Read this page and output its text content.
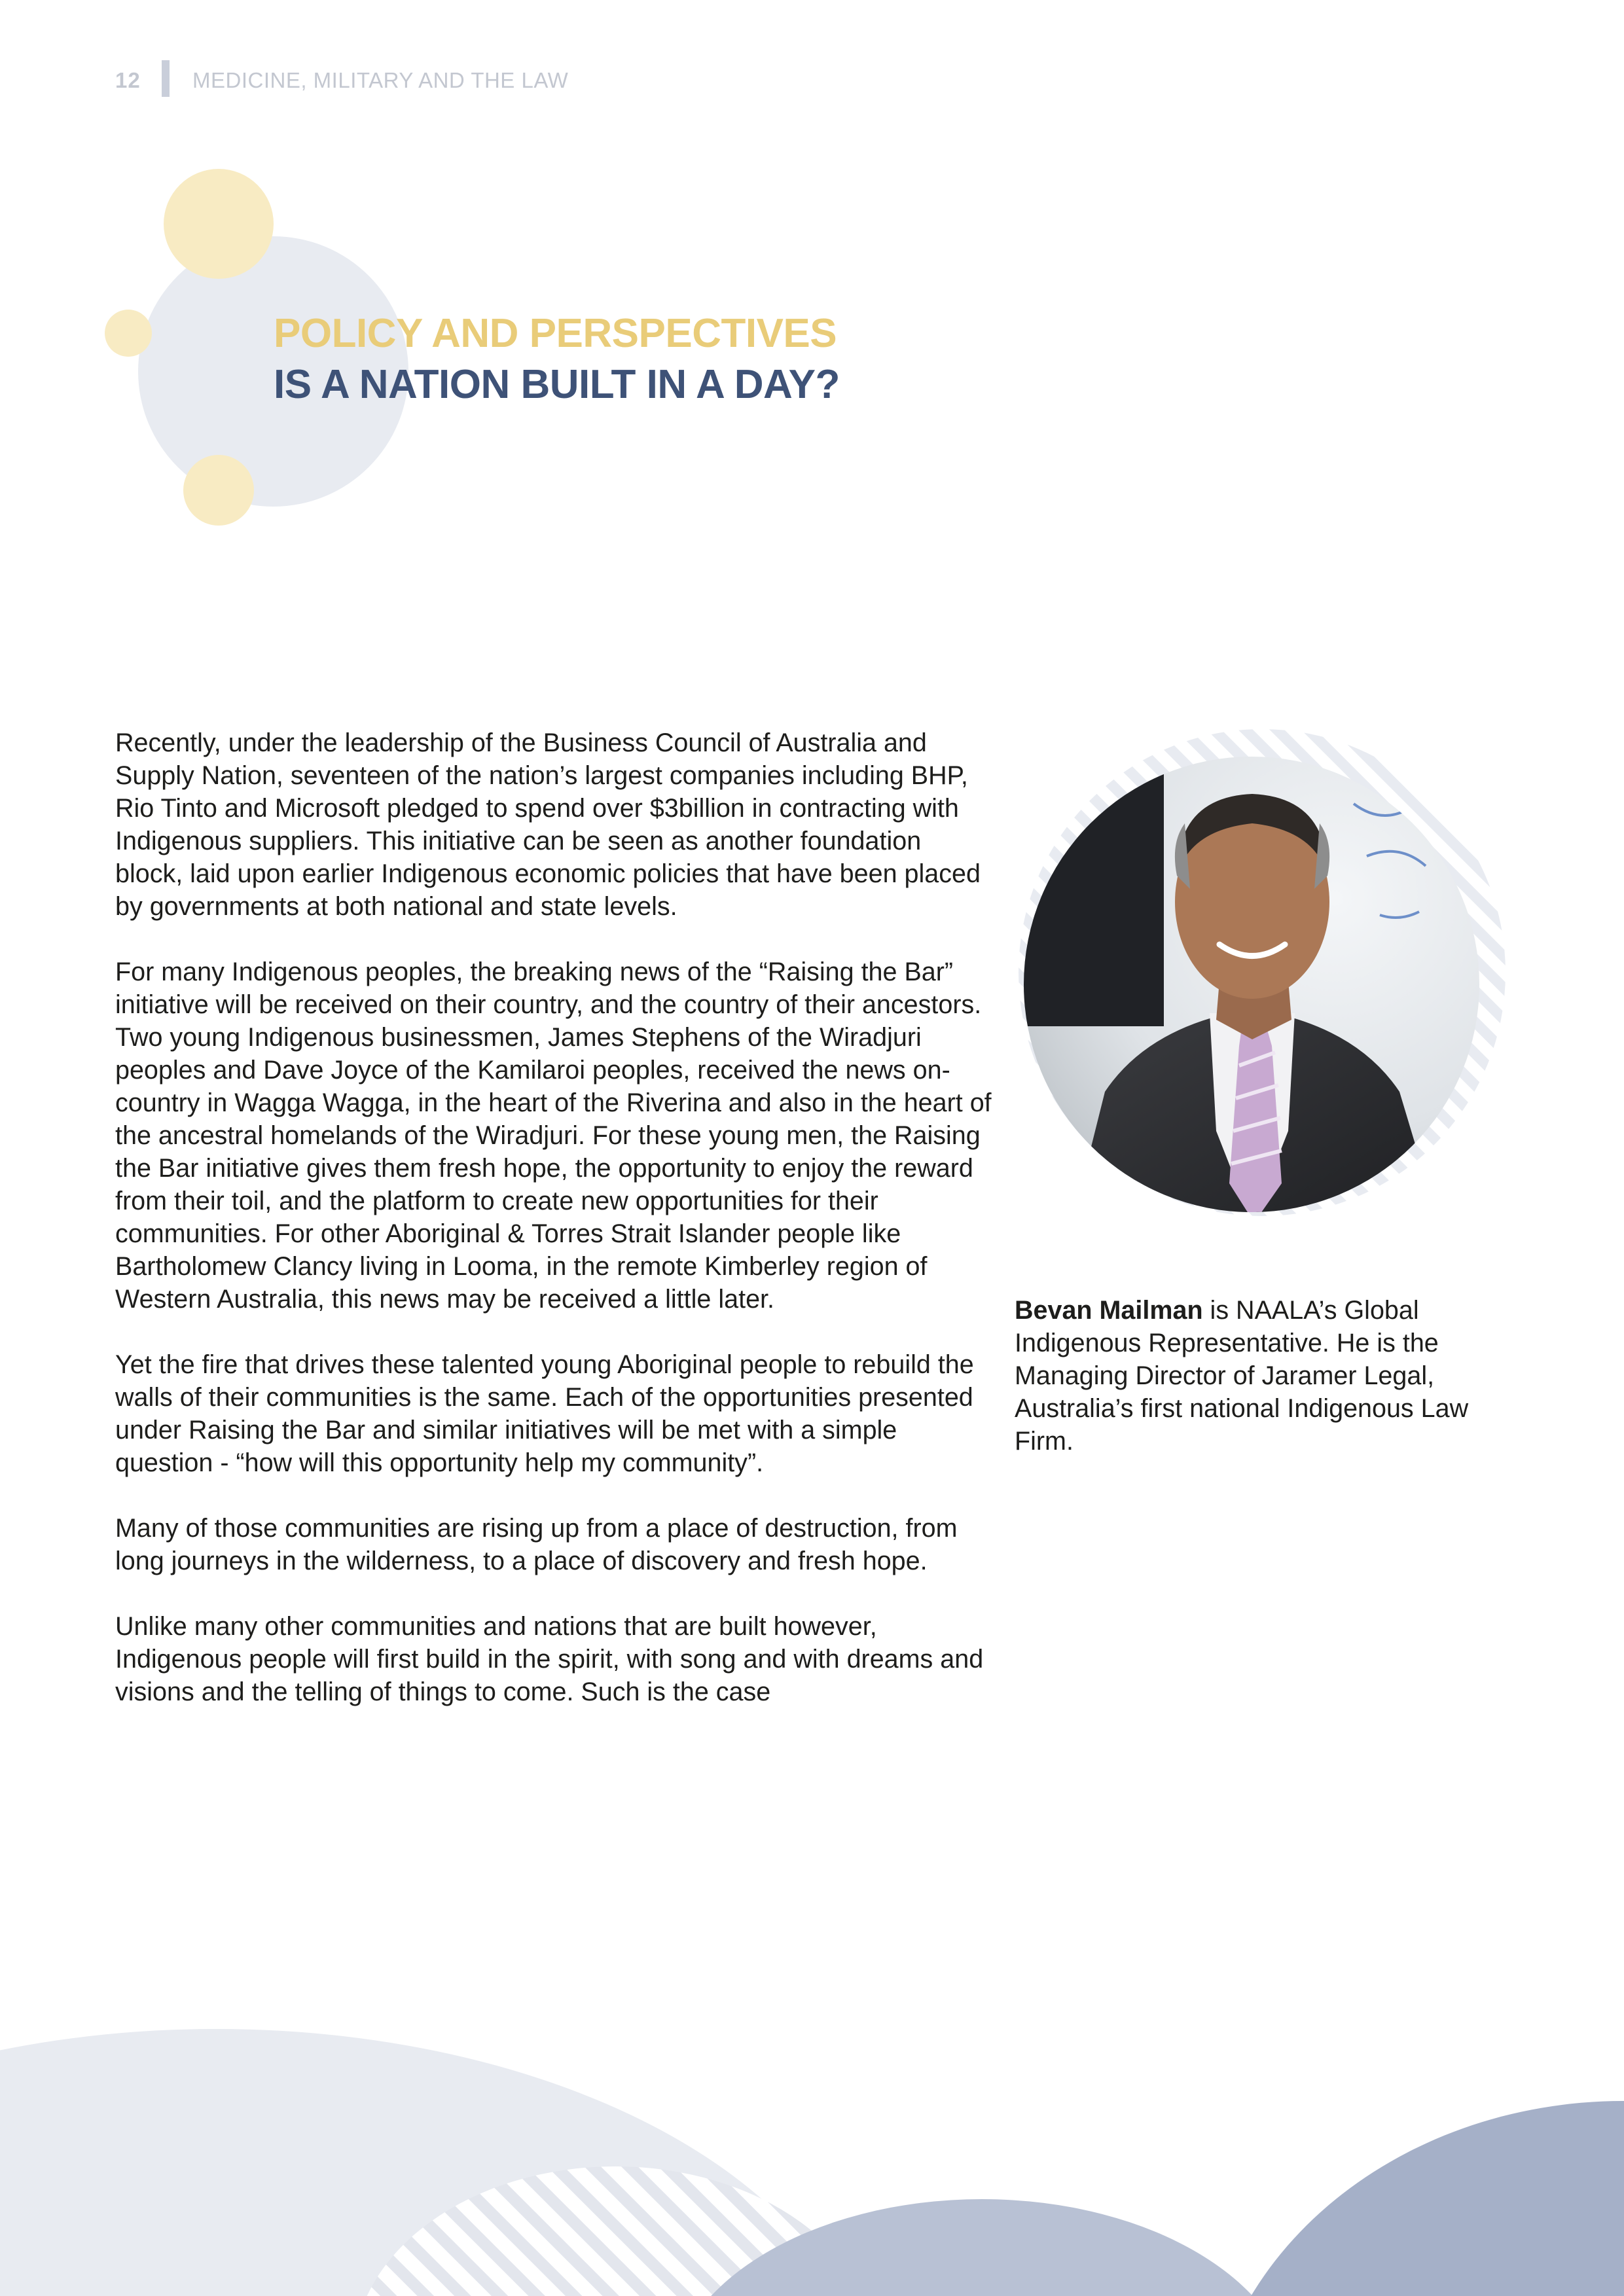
12 MEDICINE, MILITARY AND THE LAW
POLICY AND PERSPECTIVES
IS A NATION BUILT IN A DAY?

Recently, under the leadership of the Business Council of Australia and Supply Nation, seventeen of the nation’s largest companies including BHP, Rio Tinto and Microsoft pledged to spend over $3billion in contracting with Indigenous suppliers. This initiative can be seen as another foundation block, laid upon earlier Indigenous economic policies that have been placed by governments at both national and state levels.

For many Indigenous peoples, the breaking news of the “Raising the Bar” initiative will be received on their country, and the country of their ancestors. Two young Indigenous businessmen, James Stephens of the Wiradjuri peoples and Dave Joyce of the Kamilaroi peoples, received the news on-country in Wagga Wagga, in the heart of the Riverina and also in the heart of the ancestral homelands of the Wiradjuri. For these young men, the Raising the Bar initiative gives them fresh hope, the opportunity to enjoy the reward from their toil, and the platform to create new opportunities for their communities. For other Aboriginal & Torres Strait Islander people like Bartholomew Clancy living in Looma, in the remote Kimberley region of Western Australia, this news may be received a little later.

Yet the fire that drives these talented young Aboriginal people to rebuild the walls of their communities is the same. Each of the opportunities presented under Raising the Bar and similar initiatives will be met with a simple question - “how will this opportunity help my community”.

Many of those communities are rising up from a place of destruction, from long journeys in the wilderness, to a place of discovery and fresh hope.

Unlike many other communities and nations that are built however, Indigenous people will first build in the spirit, with song and with dreams and visions and the telling of things to come. Such is the case

Bevan Mailman is NAALA’s Global Indigenous Representative. He is the Managing Director of Jaramer Legal, Australia’s first national Indigenous Law Firm.
